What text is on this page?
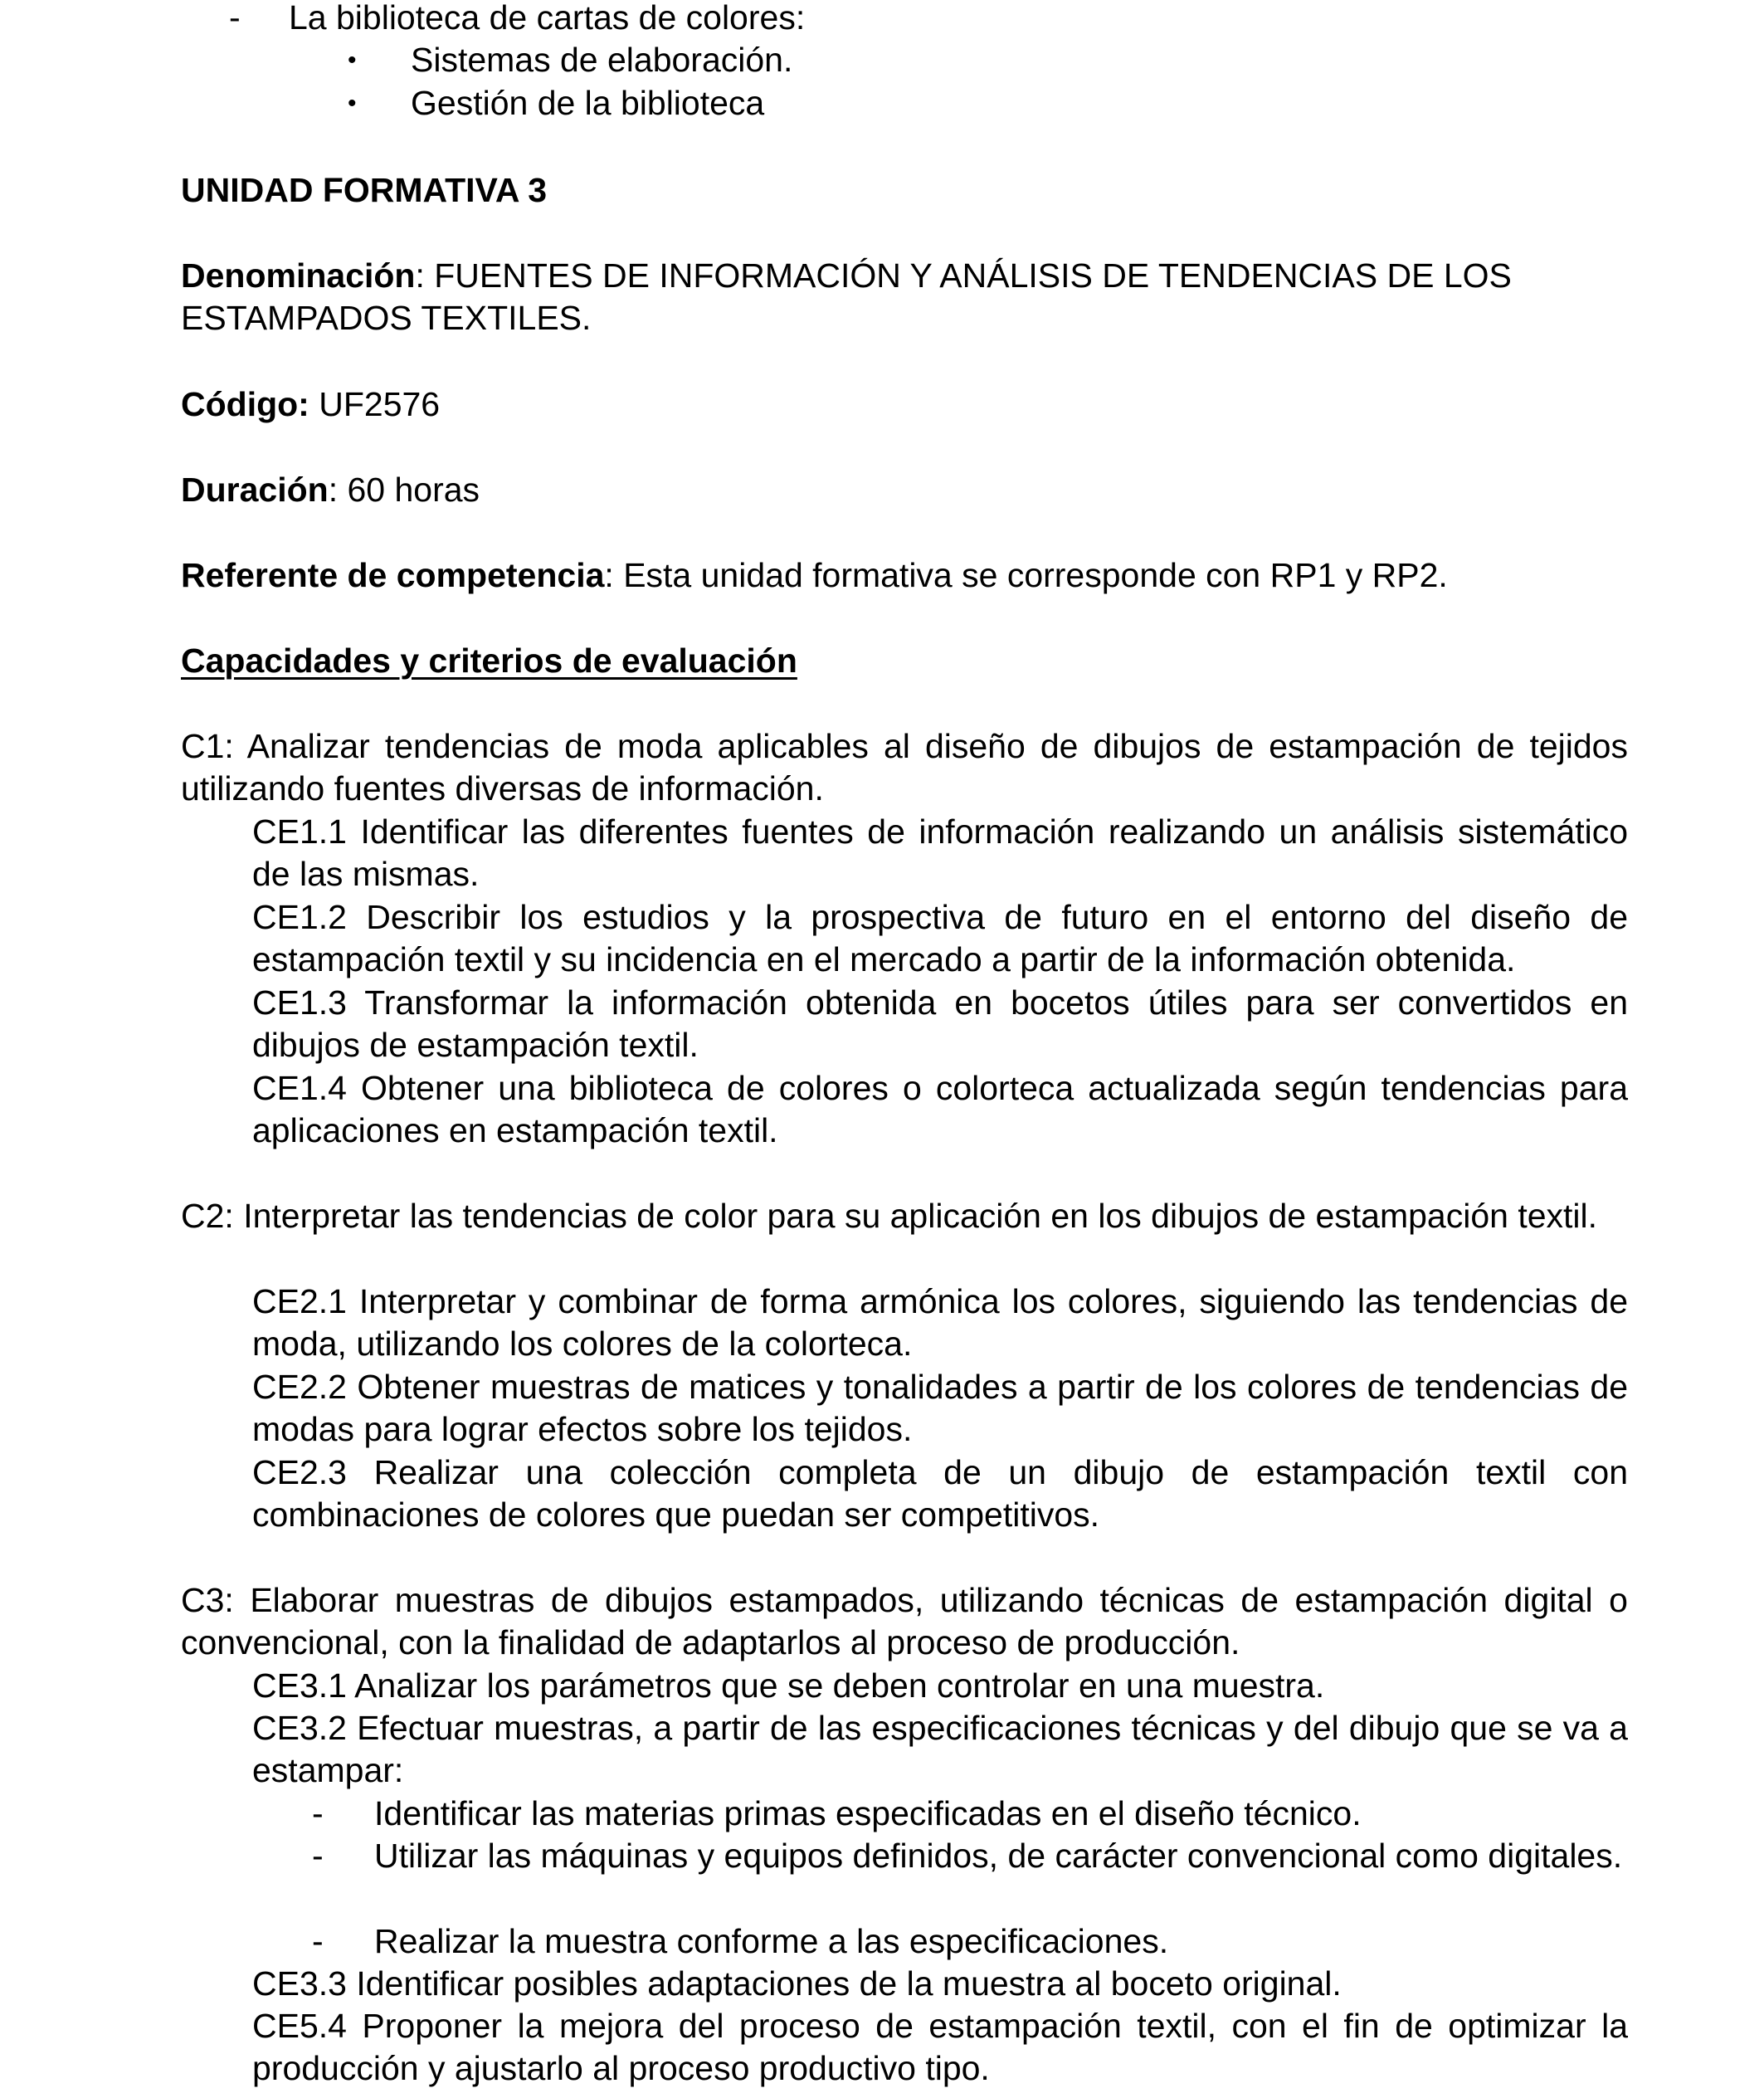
- La biblioteca de cartas de colores:
• Sistemas de elaboración.
• Gestión de la biblioteca
UNIDAD FORMATIVA 3
Denominación: FUENTES DE INFORMACIÓN Y ANÁLISIS DE TENDENCIAS DE LOS ESTAMPADOS TEXTILES.
Código: UF2576
Duración: 60 horas
Referente de competencia: Esta unidad formativa se corresponde con RP1 y RP2.
Capacidades y criterios de evaluación
C1: Analizar tendencias de moda aplicables al diseño de dibujos de estampación de tejidos utilizando fuentes diversas de información.
CE1.1 Identificar las diferentes fuentes de información realizando un análisis sistemático de las mismas.
CE1.2 Describir los estudios y la prospectiva de futuro en el entorno del diseño de estampación textil y su incidencia en el mercado a partir de la información obtenida.
CE1.3 Transformar la información obtenida en bocetos útiles para ser convertidos en dibujos de estampación textil.
CE1.4 Obtener una biblioteca de colores o colorteca actualizada según tendencias para aplicaciones en estampación textil.
C2: Interpretar las tendencias de color para su aplicación en los dibujos de estampación textil.
CE2.1 Interpretar y combinar de forma armónica los colores, siguiendo las tendencias de moda, utilizando los colores de la colorteca.
CE2.2 Obtener muestras de matices y tonalidades a partir de los colores de tendencias de modas para lograr efectos sobre los tejidos.
CE2.3 Realizar una colección completa de un dibujo de estampación textil con combinaciones de colores que puedan ser competitivos.
C3: Elaborar muestras de dibujos estampados, utilizando técnicas de estampación digital o convencional, con la finalidad de adaptarlos al proceso de producción.
CE3.1 Analizar los parámetros que se deben controlar en una muestra.
CE3.2 Efectuar muestras, a partir de las especificaciones técnicas y del dibujo que se va a estampar:
- Identificar las materias primas especificadas en el diseño técnico.
- Utilizar las máquinas y equipos definidos, de carácter convencional como digitales.
- Realizar la muestra conforme a las especificaciones.
CE3.3 Identificar posibles adaptaciones de la muestra al boceto original.
CE5.4 Proponer la mejora del proceso de estampación textil, con el fin de optimizar la producción y ajustarlo al proceso productivo tipo.
